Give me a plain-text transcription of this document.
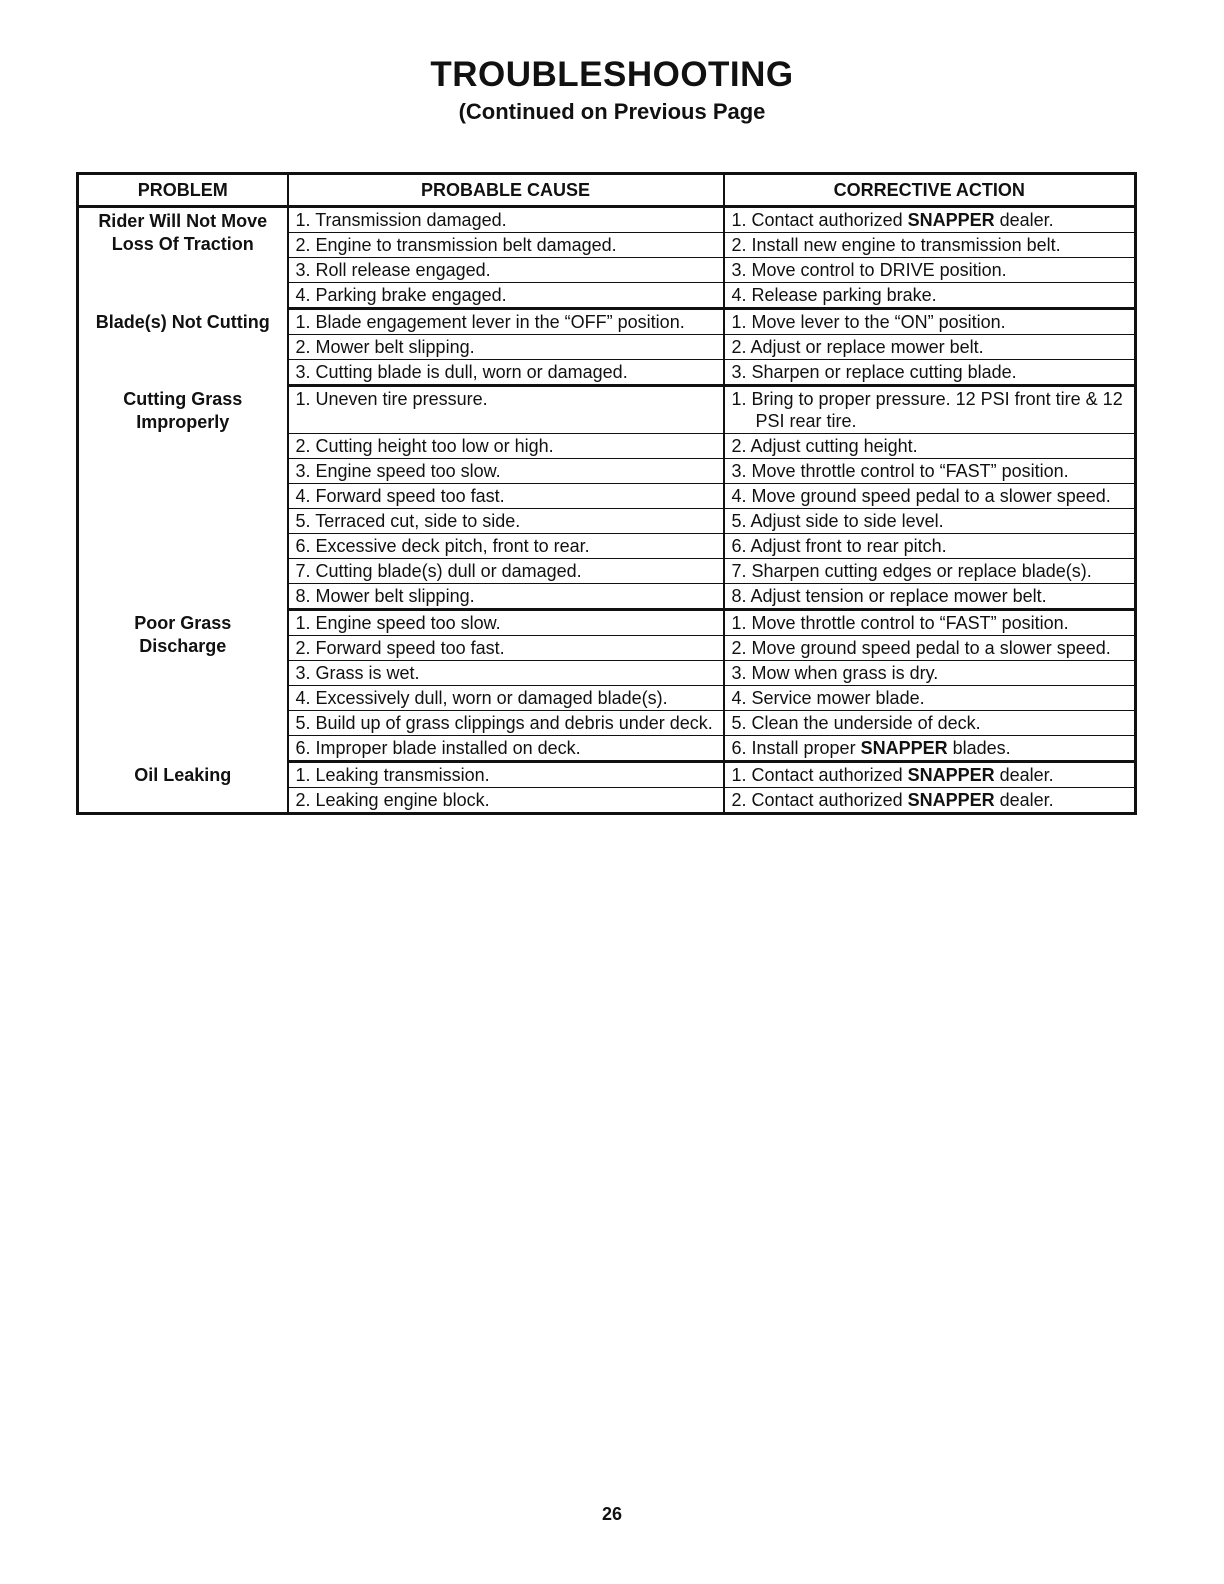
TROUBLESHOOTING
(Continued on Previous Page
PROBLEM	PROBABLE CAUSE	CORRECTIVE ACTION

Rider Will Not Move
Loss Of Traction	1. Transmission damaged.	1. Contact authorized SNAPPER dealer.

	2. Engine to transmission belt damaged.	2. Install new engine to transmission belt.

	3. Roll release engaged.	3. Move control to DRIVE position.

	4. Parking brake engaged.	4. Release parking brake.

Blade(s) Not Cutting	1. Blade engagement lever in the “OFF” position.	1. Move lever to the “ON” position.

	2. Mower belt slipping.	2. Adjust or replace mower belt.

	3. Cutting blade is dull, worn or damaged.	3. Sharpen or replace cutting blade.

Cutting Grass
Improperly	1. Uneven tire pressure.	1. Bring to proper pressure. 12 PSI front tire & 12 PSI rear tire.

	2. Cutting height too low or high.	2. Adjust cutting height.

	3. Engine speed too slow.	3. Move throttle control to “FAST” position.

	4. Forward speed too fast.	4. Move ground speed pedal to a slower speed.

	5. Terraced cut, side to side.	5. Adjust side to side level.

	6. Excessive deck pitch, front to rear.	6. Adjust front to rear pitch.

	7. Cutting blade(s) dull or damaged.	7. Sharpen cutting edges or replace blade(s).

	8. Mower belt slipping.	8. Adjust tension or replace mower belt.

Poor Grass
Discharge	1. Engine speed too slow.	1. Move throttle control to “FAST” position.

	2. Forward speed too fast.	2. Move ground speed pedal to a slower speed.

	3. Grass is wet.	3. Mow when grass is dry.

	4. Excessively dull, worn or damaged blade(s).	4. Service mower blade.

	5. Build up of grass clippings and debris under deck.	5. Clean the underside of deck.

	6. Improper blade installed on deck.	6. Install proper SNAPPER blades.

Oil Leaking	1. Leaking transmission.	1. Contact authorized SNAPPER dealer.

	2. Leaking engine block.	2. Contact authorized SNAPPER dealer.
26
